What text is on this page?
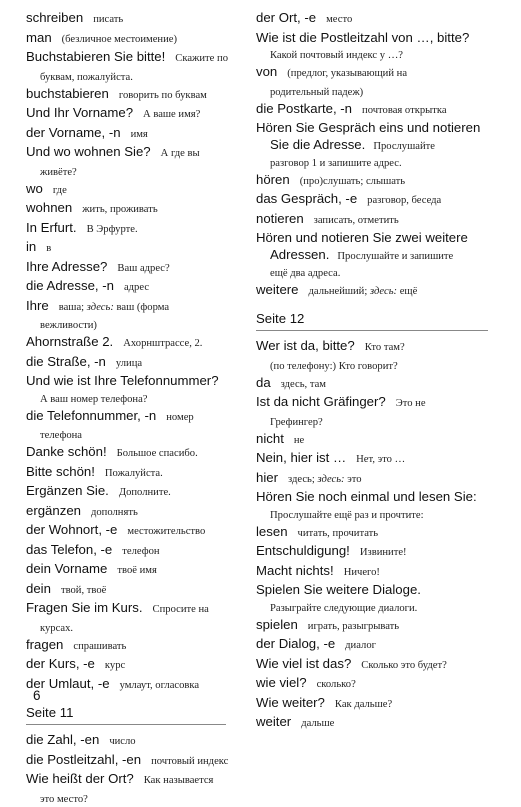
schreiben писать
man (безличное местоимение)
Buchstabieren Sie bitte! Скажите по
буквам, пожалуйста.
buchstabieren говорить по буквам
Und Ihr Vorname? А ваше имя?
der Vorname, -n имя
Und wo wohnen Sie? А где вы
живёте?
wo где
wohnen жить, проживать
In Erfurt. В Эрфурте.
in в
Ihre Adresse? Ваш адрес?
die Adresse, -n адрес
Ihre ваша; здесь: ваш (форма
вежливости)
Ahornstraße 2. Ахорнштрассе, 2.
die Straße, -n улица
Und wie ist Ihre Telefonnummer?
А ваш номер телефона?
die Telefonnummer, -n номер
телефона
Danke schön! Большое спасибо.
Bitte schön! Пожалуйста.
Ergänzen Sie. Дополните.
ergänzen дополнять
der Wohnort, -e местожительство
das Telefon, -e телефон
dein Vorname твоё имя
dein твой, твоё
Fragen Sie im Kurs. Спросите на
курсах.
fragen спрашивать
der Kurs, -e курс
der Umlaut, -e умлаут, огласовка
Seite 11
die Zahl, -en число
die Postleitzahl, -en почтовый индекс
Wie heißt der Ort? Как называется
это место?
der Ort, -e место
Wie ist die Postleitzahl von …, bitte?
Какой почтовый индекс у …?
von (предлог, указывающий на
родительный падеж)
die Postkarte, -n почтовая открытка
Hören Sie Gespräch eins und notieren
Sie die Adresse. Прослушайте
разговор 1 и запишите адрес.
hören (про)слушать; слышать
das Gespräch, -e разговор, беседа
notieren записать, отметить
Hören und notieren Sie zwei weitere
Adressen. Прослушайте и запишите
ещё два адреса.
weitere дальнейший; здесь: ещё
Seite 12
Wer ist da, bitte? Кто там?
(по телефону:) Кто говорит?
da здесь, там
Ist da nicht Gräfinger? Это не
Грефингер?
nicht не
Nein, hier ist … Нет, это …
hier здесь; здесь: это
Hören Sie noch einmal und lesen Sie:
Прослушайте ещё раз и прочтите:
lesen читать, прочитать
Entschuldigung! Извините!
Macht nichts! Ничего!
Spielen Sie weitere Dialoge.
Разыграйте следующие диалоги.
spielen играть, разыгрывать
der Dialog, -e диалог
Wie viel ist das? Сколько это будет?
wie viel? сколько?
Wie weiter? Как дальше?
weiter дальше
6
